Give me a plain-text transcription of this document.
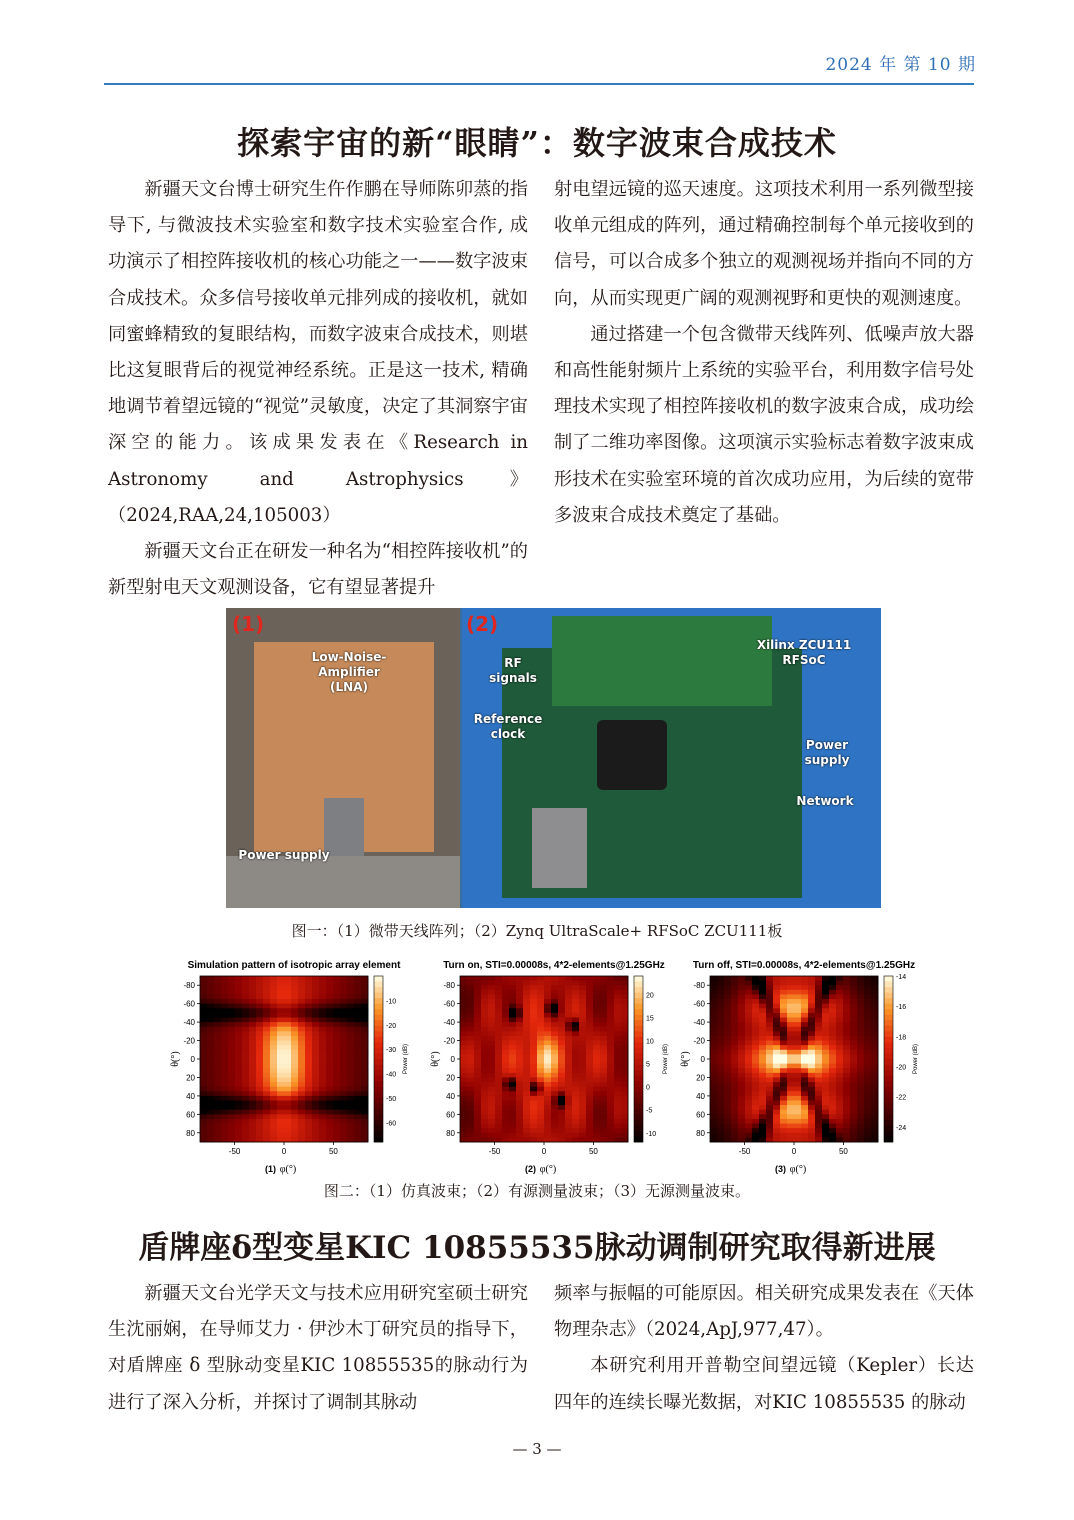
2024 年 第 10 期
探索宇宙的新“眼睛”：数字波束合成技术

新疆天文台博士研究生仵作鹏在导师陈卯蒸的指导下, 与微波技术实验室和数字技术实验室合作, 成功演示了相控阵接收机的核心功能之一——数字波束合成技术。众多信号接收单元排列成的接收机，就如同蜜蜂精致的复眼结构，而数字波束合成技术，则堪比这复眼背后的视觉神经系统。正是这一技术, 精确地调节着望远镜的“视觉”灵敏度，决定了其洞察宇宙深空的能力。该成果发表在《Research in Astronomy and Astrophysics》（2024,RAA,24,105003）

新疆天文台正在研发一种名为“相控阵接收机”的新型射电天文观测设备，它有望显著提升

射电望远镜的巡天速度。这项技术利用一系列微型接收单元组成的阵列，通过精确控制每个单元接收到的信号，可以合成多个独立的观测视场并指向不同的方向，从而实现更广阔的观测视野和更快的观测速度。

通过搭建一个包含微带天线阵列、低噪声放大器和高性能射频片上系统的实验平台，利用数字信号处理技术实现了相控阵接收机的数字波束合成，成功绘制了二维功率图像。这项演示实验标志着数字波束成形技术在实验室环境的首次成功应用，为后续的宽带多波束合成技术奠定了基础。

(1)
Low-Noise-
Amplifier
(LNA)
Power supply
(2)
RF
signals
Reference
clock
Xilinx ZCU111
RFSoC
Power
supply
Network
图一：（1）微带天线阵列；（2）Zynq UltraScale+ RFSoC ZCU111板
Simulation pattern of isotropic array element
-80
-60
-40
-20
0
20
40
60
80
-50	0	50
θ(°)
(1) φ(°)
-10
-20
-30
-40
-50
-60
Power (dB)
Turn on, STI=0.00008s, 4*2-elements@1.25GHz
-80
-60
-40
-20
0
20
40
60
80
-50	0	50
θ(°)
(2) φ(°)
20
15
10
5
0
-5
-10
Power (dB)
Turn off, STI=0.00008s, 4*2-elements@1.25GHz
-80
-60
-40
-20
0
20
40
60
80
-50	0	50
θ(°)
(3) φ(°)
-14
-16
-18
-20
-22
-24
Power (dB)
图二：（1）仿真波束；（2）有源测量波束；（3）无源测量波束。
盾牌座δ型变星KIC 10855535脉动调制研究取得新进展

新疆天文台光学天文与技术应用研究室硕士研究生沈丽娴，在导师艾力 · 伊沙木丁研究员的指导下，对盾牌座 δ 型脉动变星KIC 10855535的脉动行为进行了深入分析，并探讨了调制其脉动

频率与振幅的可能原因。相关研究成果发表在《天体物理杂志》（2024,ApJ,977,47）。

本研究利用开普勒空间望远镜（Kepler）长达四年的连续长曝光数据，对KIC 10855535 的脉动

— 3 —
